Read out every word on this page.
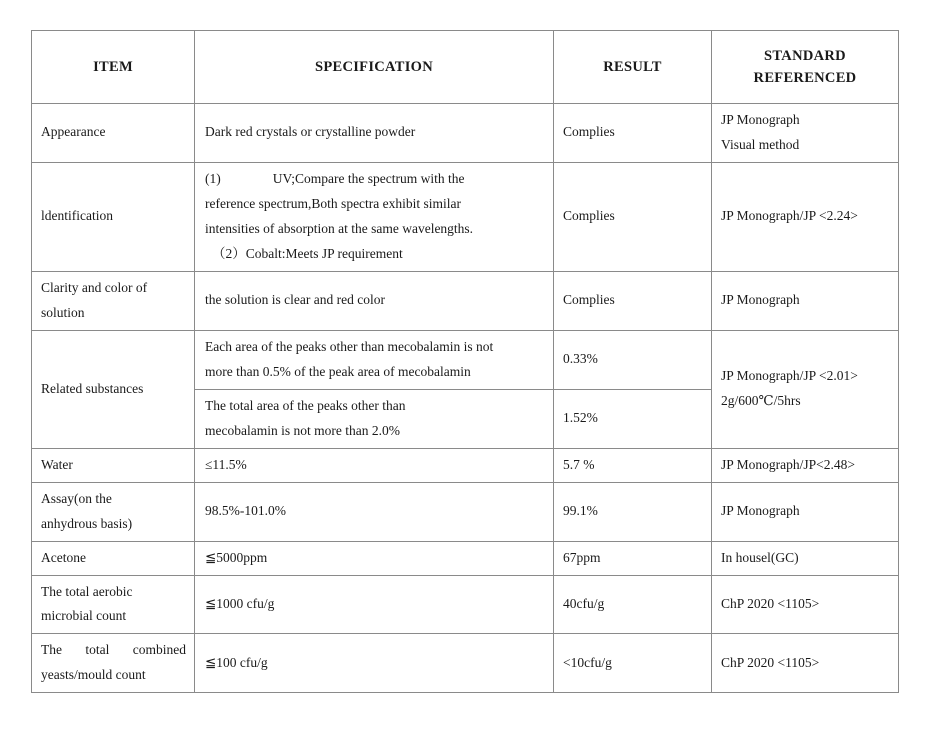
ITEM	SPECIFICATION	RESULT	STANDARD
REFERENCED

Appearance	Dark red crystals or crystalline powder	Complies	JP Monograph
Visual method

ldentification	(1) UV;Compare the spectrum with the
reference spectrum,Both spectra exhibit similar
intensities of absorption at the same wavelengths.
（2）Cobalt:Meets JP requirement	Complies	JP Monograph/JP <2.24>

Clarity and color of
solution	the solution is clear and red color	Complies	JP Monograph
Related substances	Each area of the peaks other than mecobalamin is not
more than 0.5% of the peak area of mecobalamin	0.33%	JP Monograph/JP <2.01>
2g/600℃/5hrs

	The total area of the peaks other than
mecobalamin is not more than 2.0%	1.52%	
Water	≤11.5%	5.7 %	JP Monograph/JP<2.48>

Assay(on the
anhydrous basis)	98.5%-101.0%	99.1%	JP Monograph
Acetone	≦5000ppm	67ppm	In housel(GC)

The total aerobic
microbial count	≦1000 cfu/g	40cfu/g	ChP 2020 <1105>

The total combined
yeasts/mould count	≦100 cfu/g	<10cfu/g	ChP 2020 <1105>
